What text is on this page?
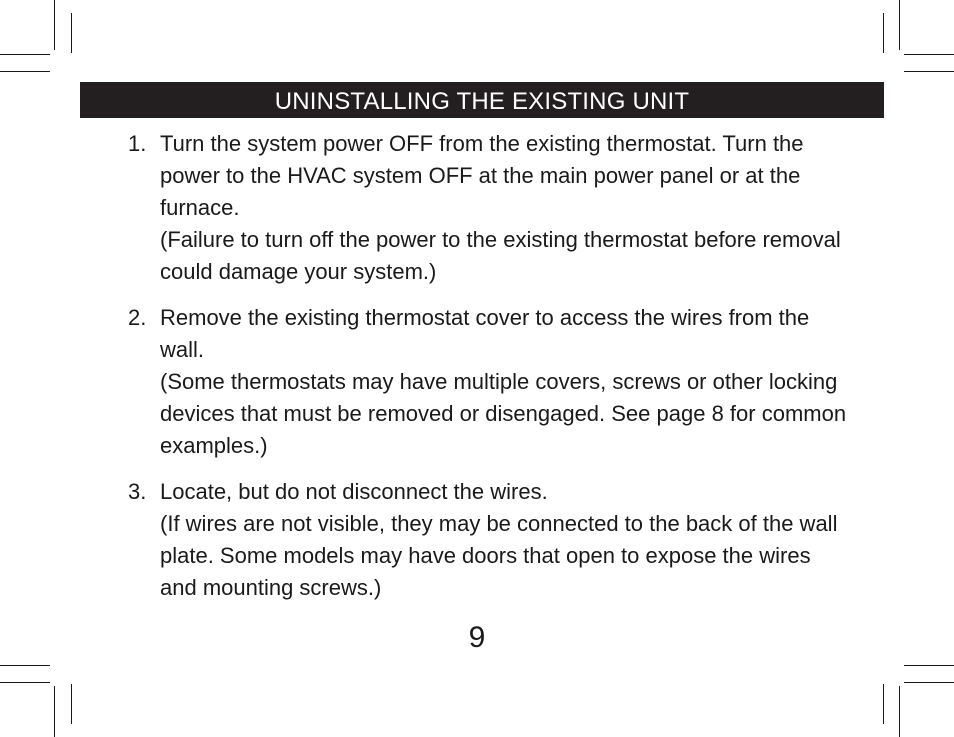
UNINSTALLING THE EXISTING UNIT
1. Turn the system power OFF from the existing thermostat. Turn the power to the HVAC system OFF at the main power panel or at the furnace.
(Failure to turn off the power to the existing thermostat before removal could damage your system.)
2. Remove the existing thermostat cover to access the wires from the wall.
(Some thermostats may have multiple covers, screws or other locking devices that must be removed or disengaged. See page 8 for common examples.)
3. Locate, but do not disconnect the wires.
(If wires are not visible, they may be connected to the back of the wall plate. Some models may have doors that open to expose the wires and mounting screws.)
9
